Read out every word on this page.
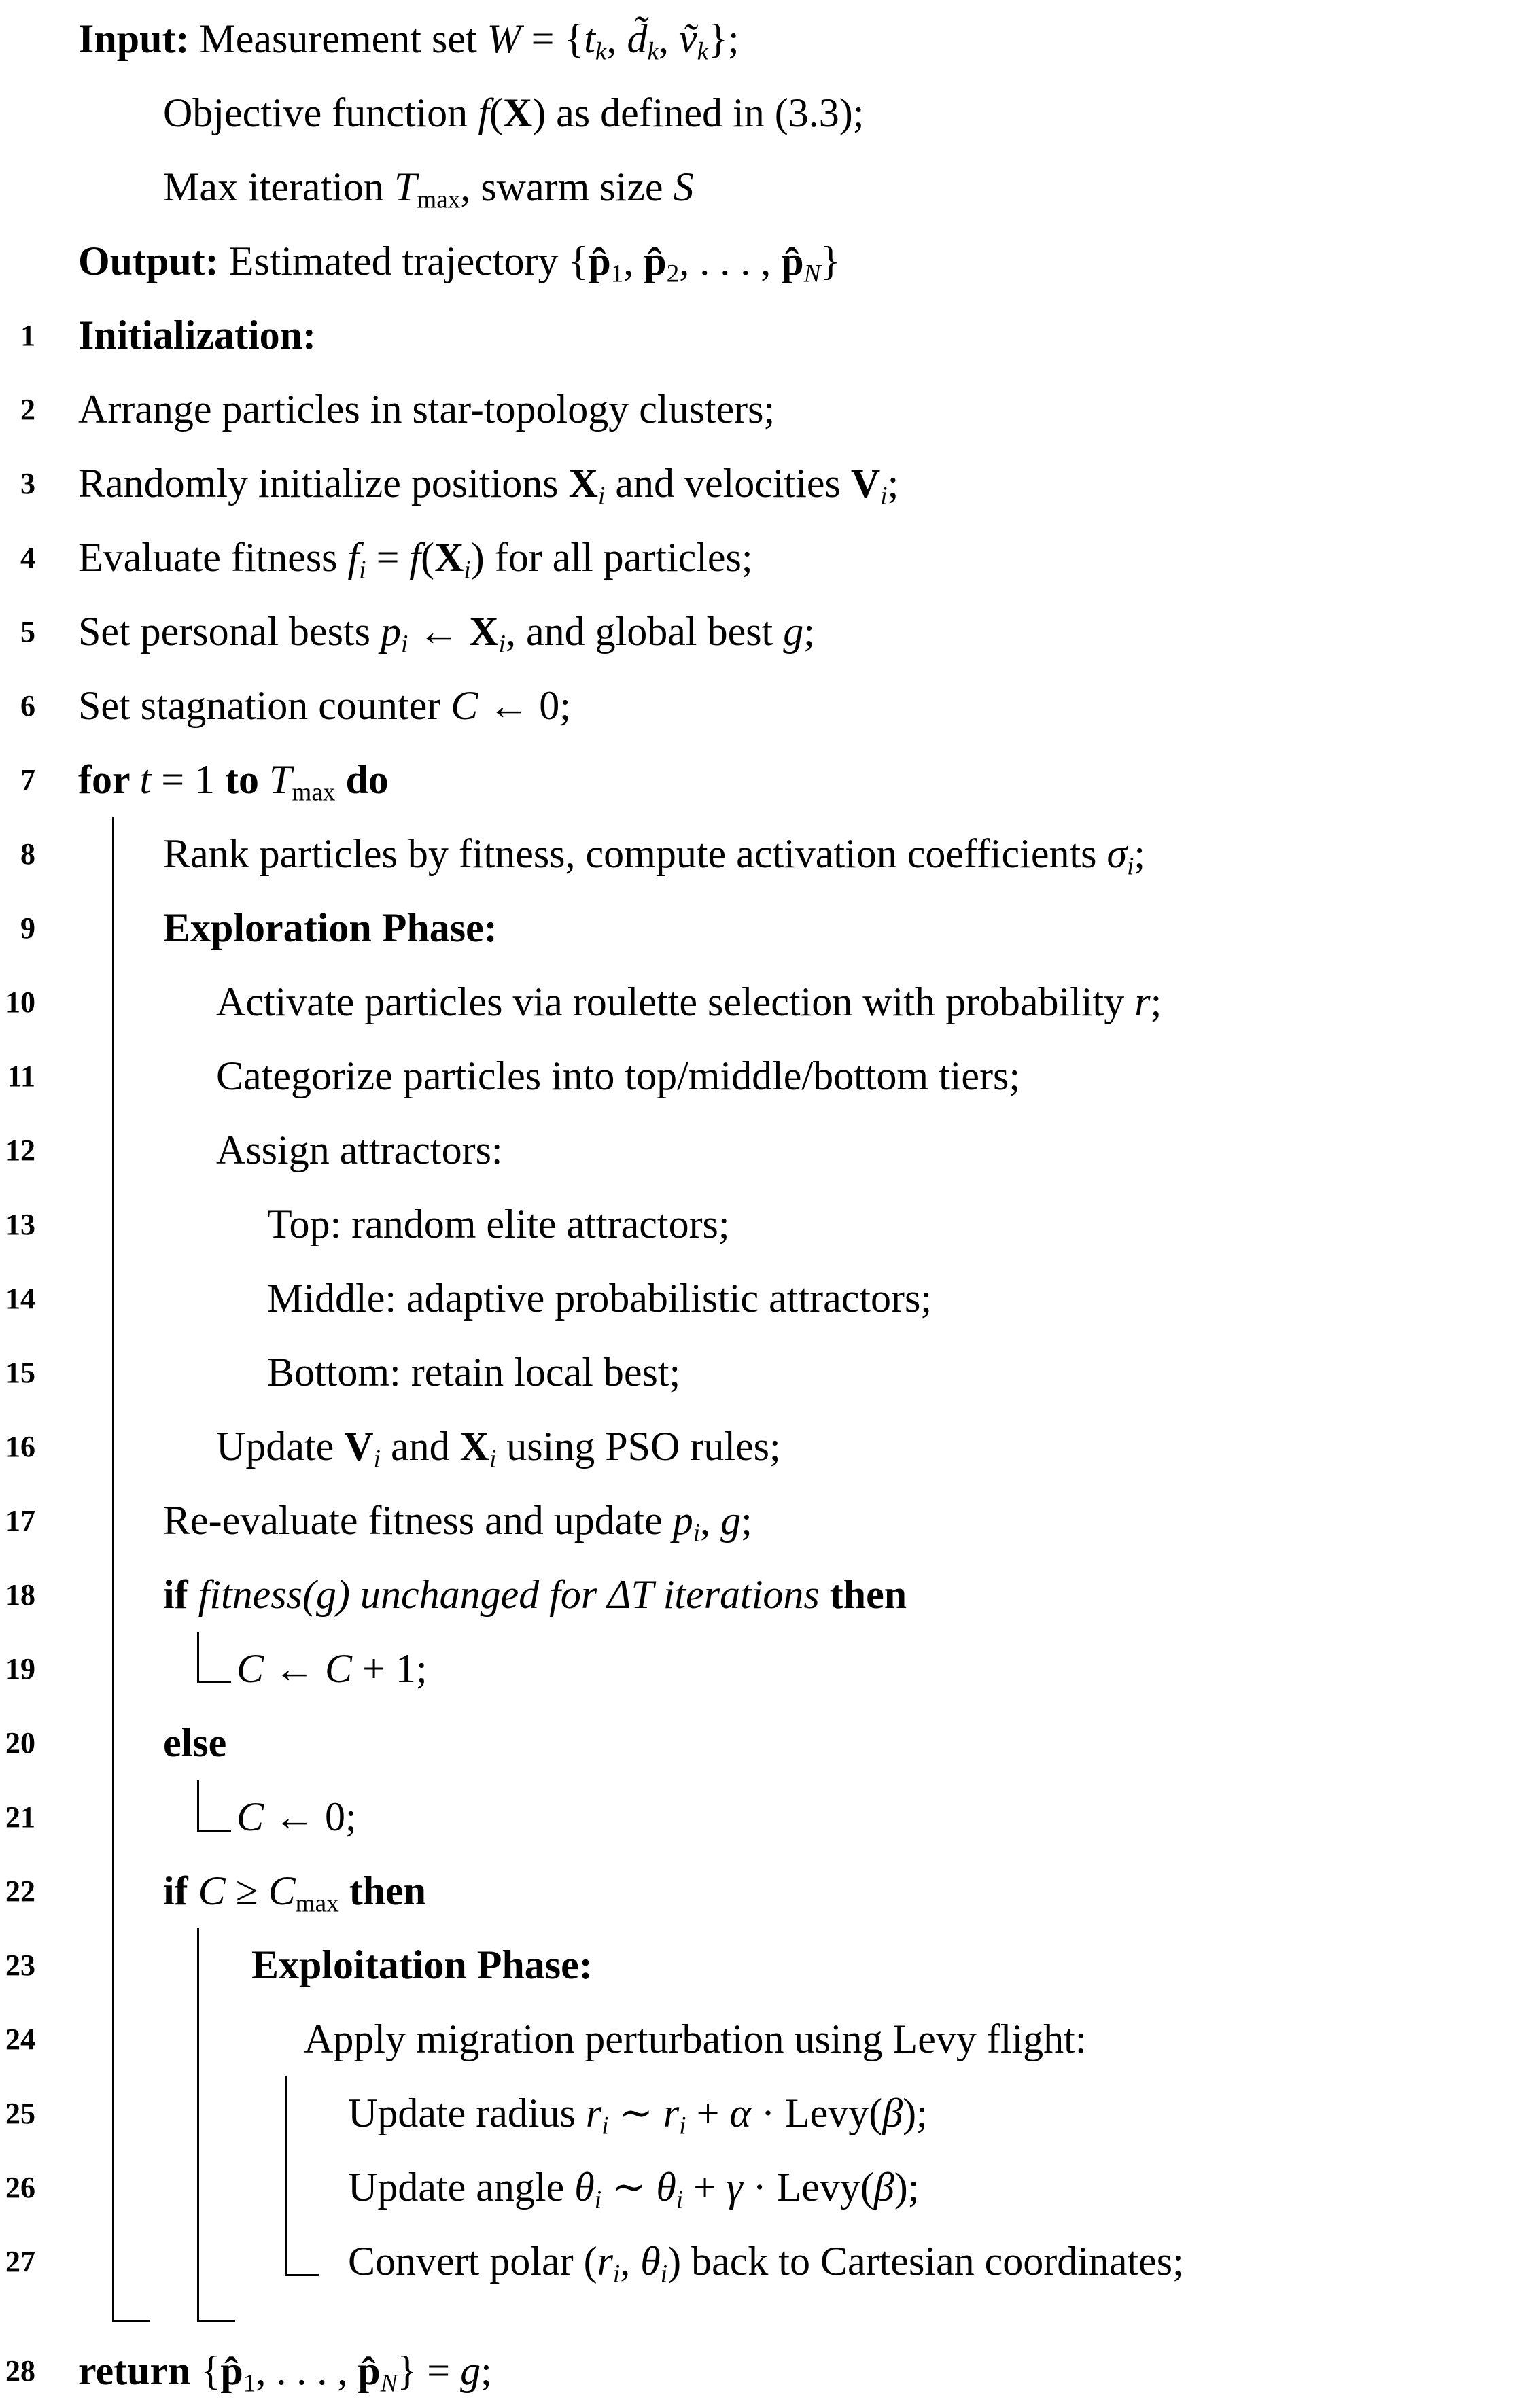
Input: Measurement set $W = \{t_k$, $d̃_k$, $ṽ_k$};
Objective function f(X) as defined in (3.3);
Max iteration $T_{max}$, swarm size S
Output: Estimated trajectory {$p̂_1$, $p̂_2$, . . . , $p̂_N$}
1 Initialization:
2 Arrange particles in star-topology clusters;
3 Randomly initialize positions $X_i$ and velocities $V_i$;
4 Evaluate fitness $f_i = f(X_i)$ for all particles;
5 Set personal bests $p_i$ ← $X_i$, and global best g;
6 Set stagnation counter C ← 0;
7 for t = 1 to $T_{max}$ do
8	Rank particles by fitness, compute activation coefficients $\sigma_i$;
9	Exploration Phase:
10	Activate particles via roulette selection with probability r;
11	Categorize particles into top/middle/bottom tiers;
12	Assign attractors:
13	Top: random elite attractors;
14	Middle: adaptive probabilistic attractors;
15	Bottom: retain local best;
16	Update $V_i$ and $X_i$ using PSO rules;
17	Re-evaluate fitness and update $p_i$, g;
18	if fitness(g) unchanged for ΔT iterations then
19	C ← C + 1;
20	else
21	C ← 0;
22	if $C \ge C_{max}$ then
23	Exploitation Phase:
24	Apply migration perturbation using Levy flight:
25	Update radius $r_i$ ∼ $r_i + \alpha$ · Levy(β);
26	Update angle $\theta_i$ ∼ $\theta_i + \gamma$ · Levy(β);
27	Convert polar ($r_i$, $\theta_i$) back to Cartesian coordinates;
28 return {$p̂_1$, . . . , $p̂_N\} = g$;
